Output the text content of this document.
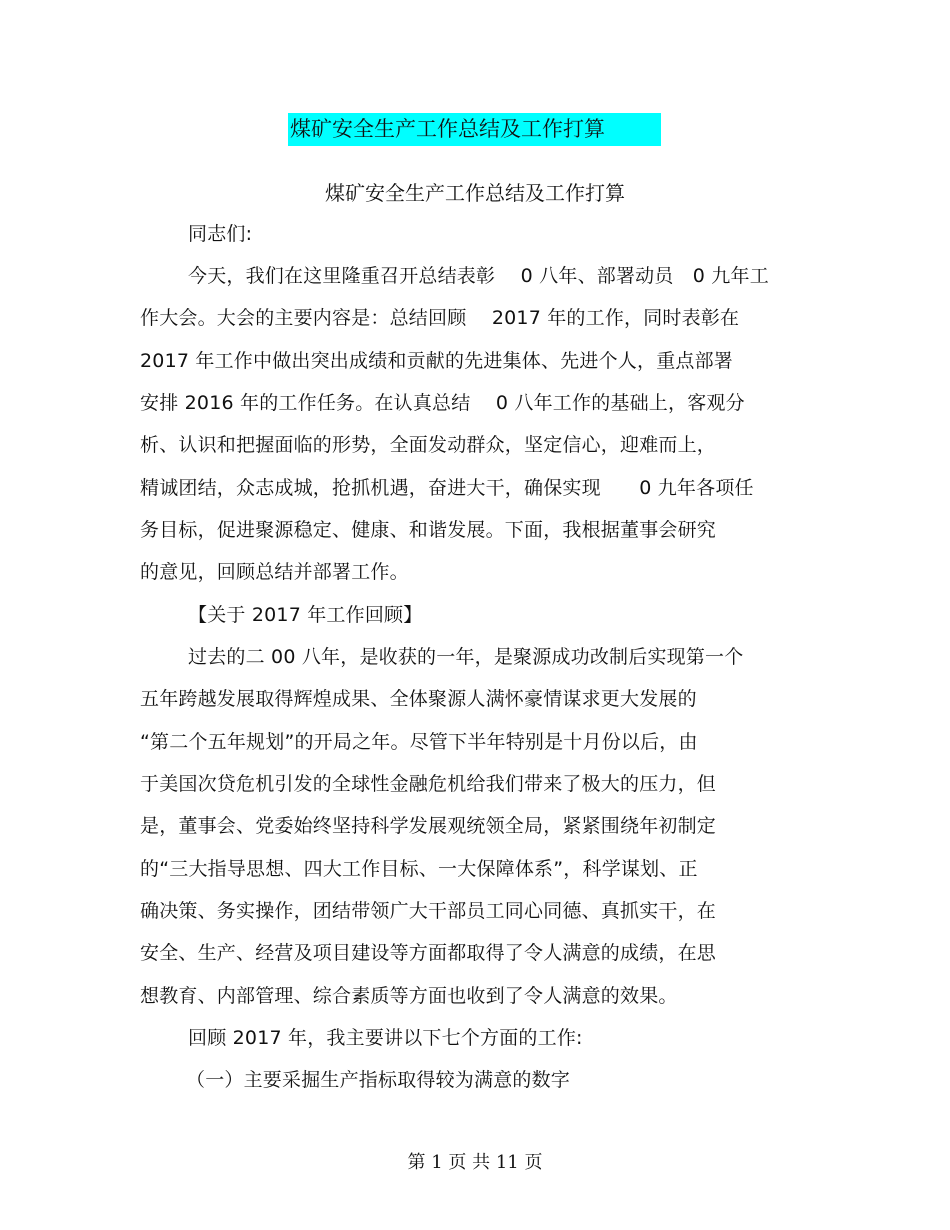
煤矿安全生产工作总结及工作打算
煤矿安全生产工作总结及工作打算
同志们:
今天，我们在这里隆重召开总结表彰　 0 八年、部署动员　0 九年工
作大会。大会的主要内容是：总结回顾　 2017 年的工作，同时表彰在
2017 年工作中做出突出成绩和贡献的先进集体、先进个人，重点部署
安排 2016 年的工作任务。在认真总结　 0 八年工作的基础上，客观分
析、认识和把握面临的形势，全面发动群众，坚定信心，迎难而上，
精诚团结，众志成城，抢抓机遇，奋进大干，确保实现　　0 九年各项任
务目标，促进聚源稳定、健康、和谐发展。下面，我根据董事会研究
的意见，回顾总结并部署工作。
【关于 2017 年工作回顾】
过去的二 00 八年，是收获的一年，是聚源成功改制后实现第一个
五年跨越发展取得辉煌成果、全体聚源人满怀豪情谋求更大发展的
“第二个五年规划”的开局之年。尽管下半年特别是十月份以后，由
于美国次贷危机引发的全球性金融危机给我们带来了极大的压力，但
是，董事会、党委始终坚持科学发展观统领全局，紧紧围绕年初制定
的“三大指导思想、四大工作目标、一大保障体系”，科学谋划、正
确决策、务实操作，团结带领广大干部员工同心同德、真抓实干，在
安全、生产、经营及项目建设等方面都取得了令人满意的成绩，在思
想教育、内部管理、综合素质等方面也收到了令人满意的效果。
回顾 2017 年，我主要讲以下七个方面的工作:
（一）主要采掘生产指标取得较为满意的数字
第 1 页 共 11 页
